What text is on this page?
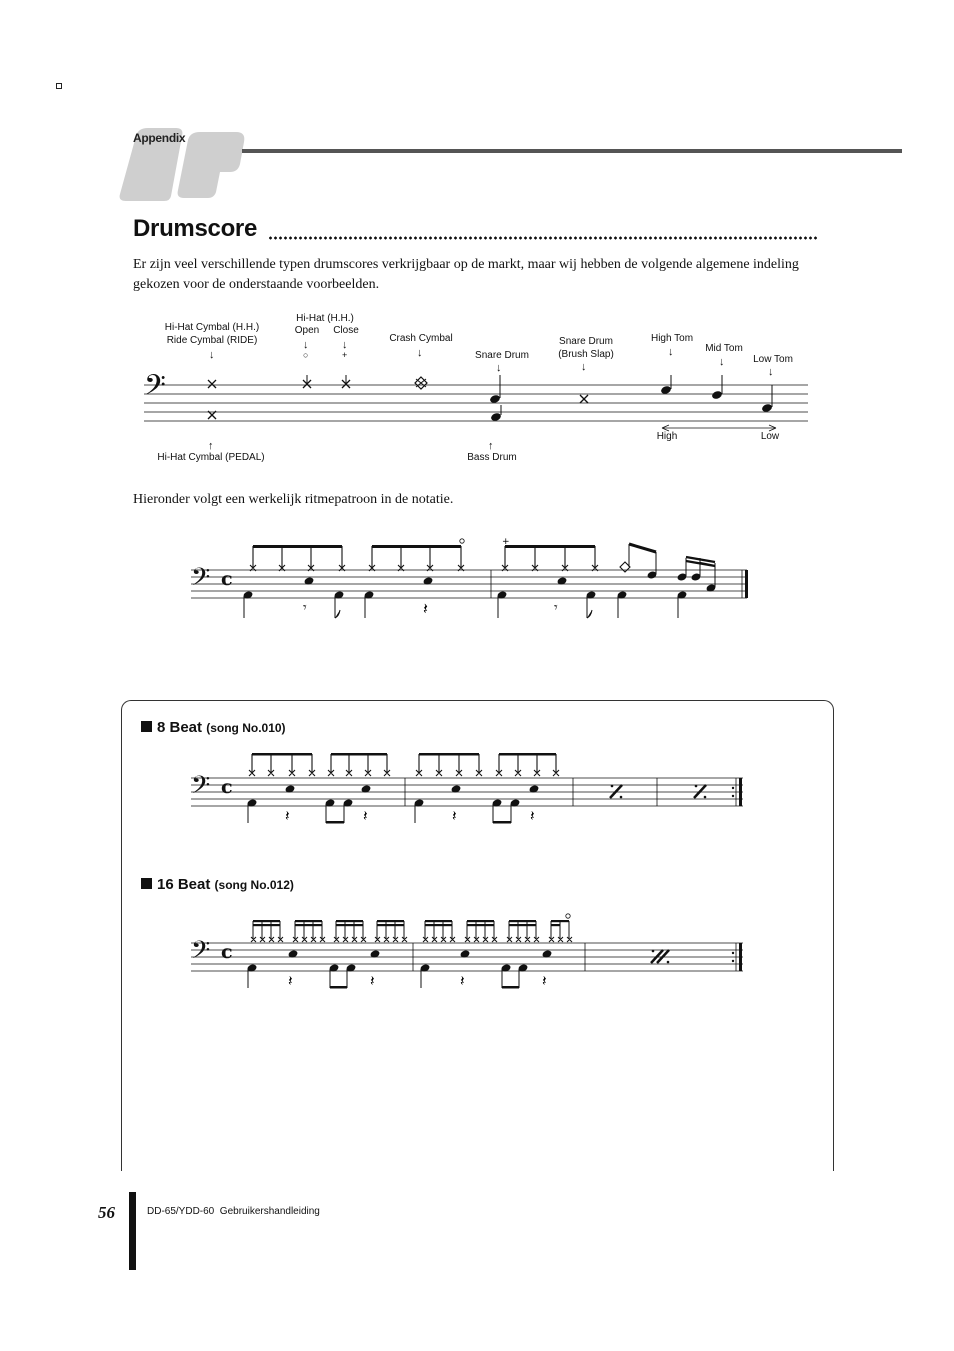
Appendix
Drumscore
Er zijn veel verschillende typen drumscores verkrijgbaar op de markt, maar wij hebben de volgende algemene indeling gekozen voor de onderstaande voorbeelden.
Hi-Hat Cymbal (H.H.)
Ride Cymbal (RIDE)
Hi-Hat (H.H.)
Open	Close
Crash Cymbal
Snare Drum
Snare Drum
(Brush Slap)
High Tom
Mid Tom
Low Tom
Hi-Hat Cymbal (PEDAL)	Bass Drum
High	Low
↓
↓	↓
○	+	↓
↓	↓
↓
↓
↓
↑	↑
𝄢
Hieronder volgt een werkelijk ritmepatroon in de notatie.
+
𝄾	𝄾
𝄽
𝄢 c
8 Beat (song No.010)
𝄽	𝄽	𝄽	𝄽
𝄢 c
16 Beat (song No.012)
𝄽	𝄽	𝄽	𝄽
𝄢 c
56	DD-65/YDD-60  Gebruikershandleiding
